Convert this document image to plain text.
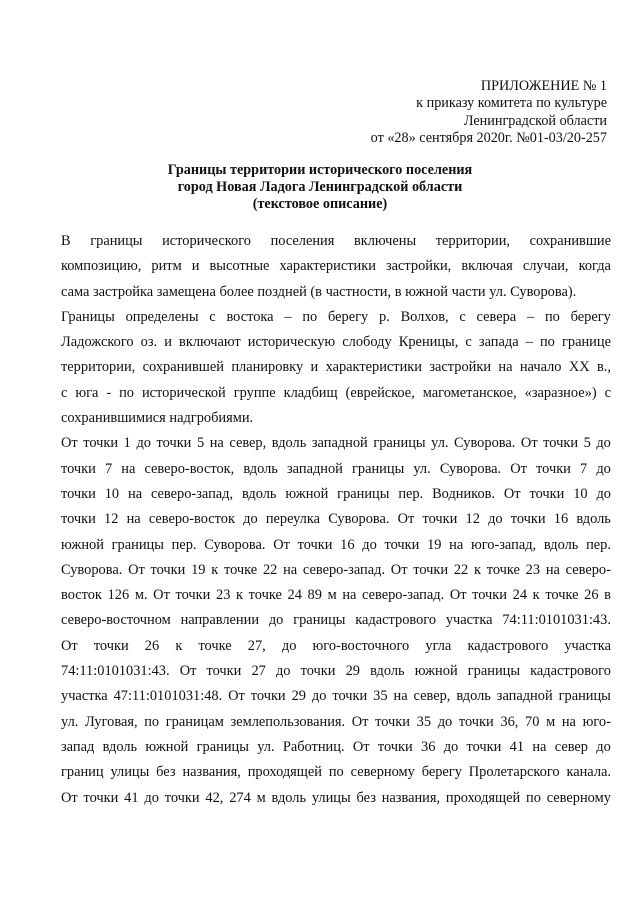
ПРИЛОЖЕНИЕ № 1
к приказу комитета по культуре
Ленинградской области
от «28» сентября 2020г. №01-03/20-257
Границы территории исторического поселения
город Новая Ладога Ленинградской области
(текстовое описание)
В границы исторического поселения включены территории, сохранившие
композицию, ритм и высотные характеристики застройки, включая случаи, когда
сама застройка замещена более поздней (в частности, в южной части ул. Суворова).
Границы определены с востока – по берегу р. Волхов, с севера – по берегу
Ладожского оз. и включают историческую слободу Креницы, с запада – по границе
территории, сохранившей планировку и характеристики застройки на начало XX в.,
с юга - по исторической группе кладбищ (еврейское, магометанское, «заразное») с
сохранившимися надгробиями.
От точки 1 до точки 5 на север, вдоль западной границы ул. Суворова. От точки 5 до
точки 7 на северо-восток, вдоль западной границы ул. Суворова. От точки 7 до
точки 10 на северо-запад, вдоль южной границы пер. Водников. От точки 10 до
точки 12 на северо-восток до переулка Суворова. От точки 12 до точки 16 вдоль
южной границы пер. Суворова. От точки 16 до точки 19 на юго-запад, вдоль пер.
Суворова. От точки 19 к точке 22 на северо-запад. От точки 22 к точке 23 на северо-
восток 126 м. От точки 23 к точке 24 89 м на северо-запад. От точки 24 к точке 26 в
северо-восточном направлении до границы кадастрового участка 74:11:0101031:43.
От точки 26 к точке 27, до юго-восточного угла кадастрового участка
74:11:0101031:43. От точки 27 до точки 29 вдоль южной границы кадастрового
участка 47:11:0101031:48. От точки 29 до точки 35 на север, вдоль западной границы
ул. Луговая, по границам землепользования. От точки 35 до точки 36, 70 м на юго-
запад вдоль южной границы ул. Работниц. От точки 36 до точки 41 на север до
границ улицы без названия, проходящей по северному берегу Пролетарского канала.
От точки 41 до точки 42, 274 м вдоль улицы без названия, проходящей по северному
